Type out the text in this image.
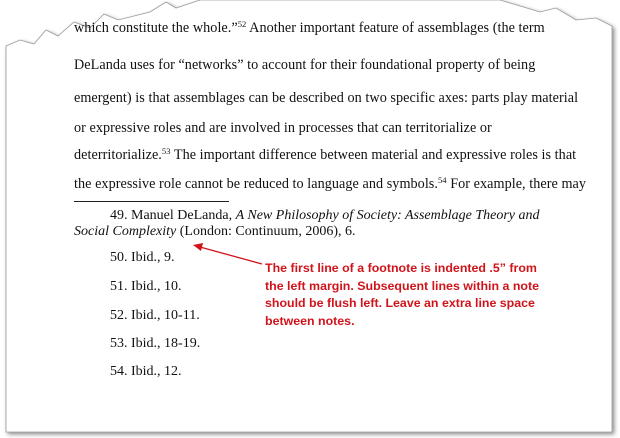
which constitute the whole.”$^{52}$ Another important feature of assemblages (the term
DeLanda uses for “networks” to account for their foundational property of being
emergent) is that assemblages can be described on two specific axes: parts play material
or expressive roles and are involved in processes that can territorialize or
deterritorialize.$^{53}$ The important difference between material and expressive roles is that
the expressive role cannot be reduced to language and symbols.$^{54}$ For example, there may
49. Manuel DeLanda, A New Philosophy of Society: Assemblage Theory and
Social Complexity (London: Continuum, 2006), 6.
50. Ibid., 9.
51. Ibid., 10.
52. Ibid., 10-11.
53. Ibid., 18-19.
54. Ibid., 12.
The first line of a footnote is indented .5” from
the left margin. Subsequent lines within a note
should be flush left. Leave an extra line space
between notes.
